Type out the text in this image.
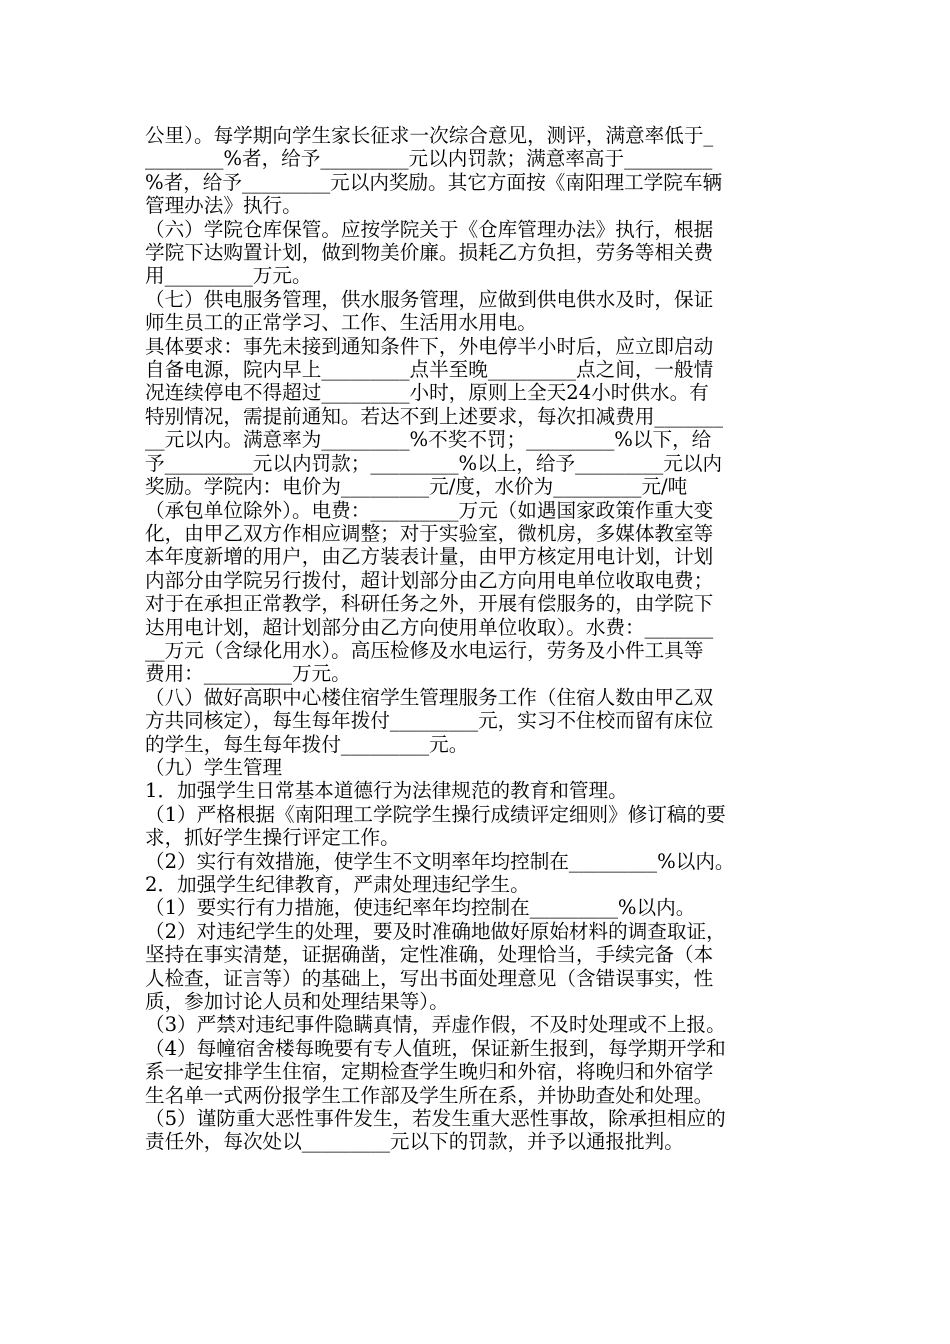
公里）。每学期向学生家长征求一次综合意见，测评，满意率低于_
________%者，给予_________元以内罚款；满意率高于_________
%者，给予_________元以内奖励。其它方面按《南阳理工学院车辆
管理办法》执行。
（六）学院仓库保管。应按学院关于《仓库管理办法》执行，根据
学院下达购置计划，做到物美价廉。损耗乙方负担，劳务等相关费
用_________万元。
（七）供电服务管理，供水服务管理，应做到供电供水及时，保证
师生员工的正常学习、工作、生活用水用电。
具体要求：事先未接到通知条件下，外电停半小时后，应立即启动
自备电源，院内早上_________点半至晚_________点之间，一般情
况连续停电不得超过_________小时，原则上全天24小时供水。有
特别情况，需提前通知。若达不到上述要求，每次扣减费用_______
__元以内。满意率为_________%不奖不罚；_________%以下，给
予_________元以内罚款；_________%以上，给予_________元以内
奖励。学院内：电价为_________元/度，水价为_________元/吨
（承包单位除外）。电费：_________万元（如遇国家政策作重大变
化，由甲乙双方作相应调整；对于实验室，微机房，多媒体教室等
本年度新增的用户，由乙方装表计量，由甲方核定用电计划，计划
内部分由学院另行拨付，超计划部分由乙方向用电单位收取电费；
对于在承担正常教学，科研任务之外，开展有偿服务的，由学院下
达用电计划，超计划部分由乙方向使用单位收取）。水费：_______
__万元（含绿化用水）。高压检修及水电运行，劳务及小件工具等
费用：_________万元。
（八）做好高职中心楼住宿学生管理服务工作（住宿人数由甲乙双
方共同核定），每生每年拨付_________元，实习不住校而留有床位
的学生，每生每年拨付_________元。
（九）学生管理
1．加强学生日常基本道德行为法律规范的教育和管理。
（1）严格根据《南阳理工学院学生操行成绩评定细则》修订稿的要
求，抓好学生操行评定工作。
（2）实行有效措施，使学生不文明率年均控制在_________%以内。
2．加强学生纪律教育，严肃处理违纪学生。
（1）要实行有力措施，使违纪率年均控制在_________%以内。
（2）对违纪学生的处理，要及时准确地做好原始材料的调查取证，
坚持在事实清楚，证据确凿，定性准确，处理恰当，手续完备（本
人检查，证言等）的基础上，写出书面处理意见（含错误事实，性
质，参加讨论人员和处理结果等）。
（3）严禁对违纪事件隐瞒真情，弄虚作假，不及时处理或不上报。
（4）每幢宿舍楼每晚要有专人值班，保证新生报到，每学期开学和
系一起安排学生住宿，定期检查学生晚归和外宿，将晚归和外宿学
生名单一式两份报学生工作部及学生所在系，并协助查处和处理。
（5）谨防重大恶性事件发生，若发生重大恶性事故，除承担相应的
责任外，每次处以_________元以下的罚款，并予以通报批判。
